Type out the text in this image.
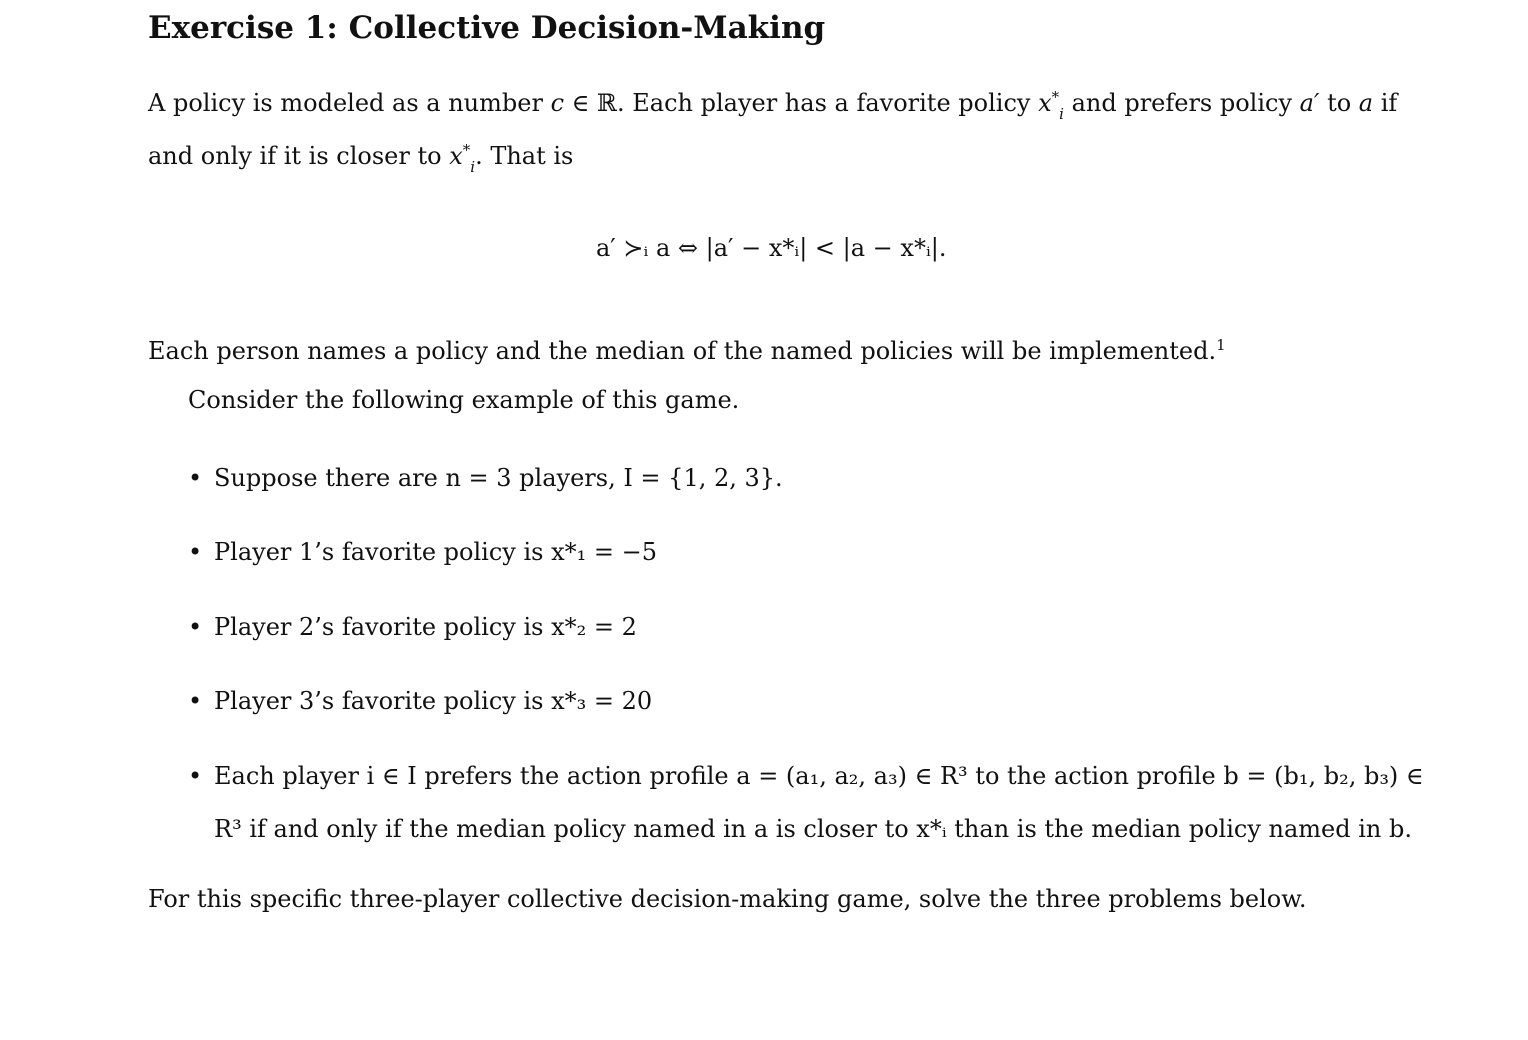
Exercise 1: Collective Decision-Making
A policy is modeled as a number c ∈ ℝ. Each player has a favorite policy $x^*_i$ and prefers policy a′ to a if
and only if it is closer to $x^*_i$. That is
a′ ≻ᵢ a ⇔ |a′ − x*ᵢ| < |a − x*ᵢ|.
Each person names a policy and the median of the named policies will be implemented.$^1$
Consider the following example of this game.
• Suppose there are n = 3 players, I = {1, 2, 3}.
• Player 1’s favorite policy is x*₁ = −5
• Player 2’s favorite policy is x*₂ = 2
• Player 3’s favorite policy is x*₃ = 20
• Each player i ∈ I prefers the action profile a = (a₁, a₂, a₃) ∈ R³ to the action profile b = (b₁, b₂, b₃) ∈
R³ if and only if the median policy named in a is closer to x*ᵢ than is the median policy named in b.
For this specific three-player collective decision-making game, solve the three problems below.
